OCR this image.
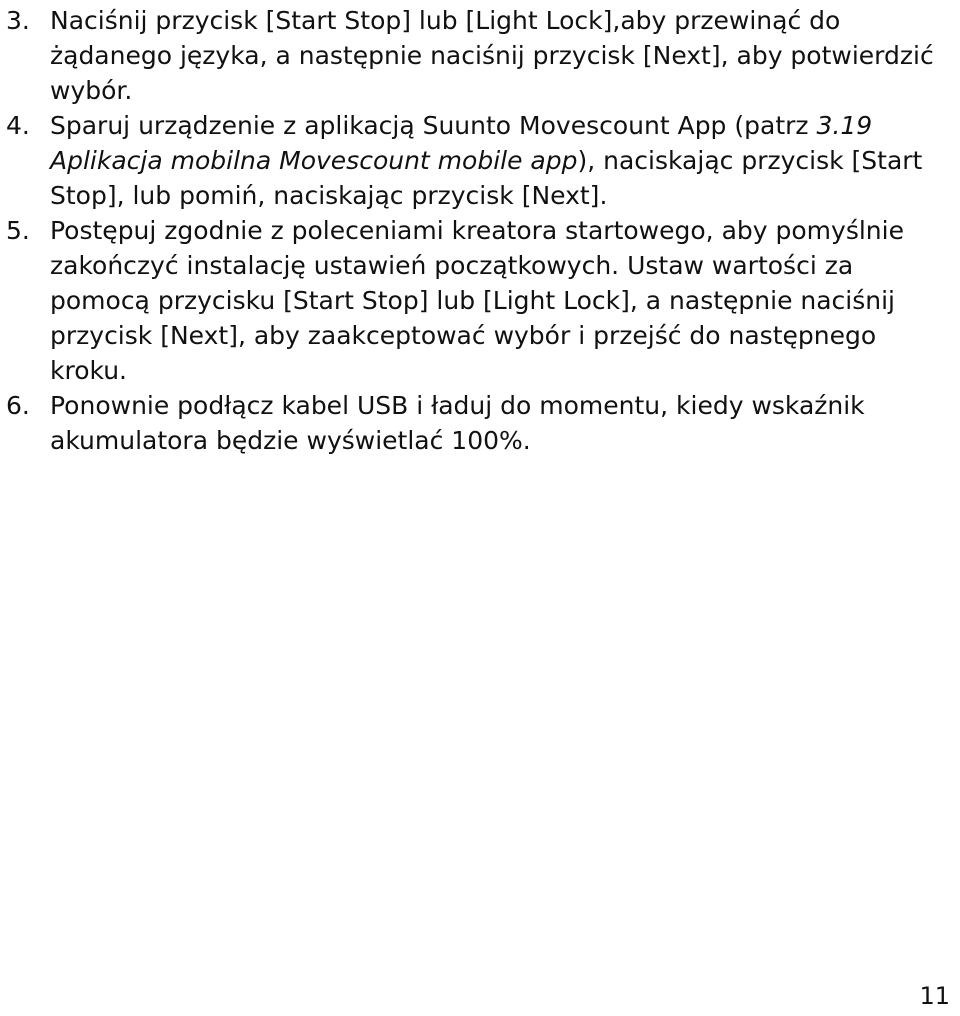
3. Naciśnij przycisk [Start Stop] lub [Light Lock],aby przewinąć do żądanego języka, a następnie naciśnij przycisk [Next], aby potwierdzić wybór.
4. Sparuj urządzenie z aplikacją Suunto Movescount App (patrz 3.19 Aplikacja mobilna Movescount mobile app), naciskając przycisk [Start Stop], lub pomiń, naciskając przycisk [Next].
5. Postępuj zgodnie z poleceniami kreatora startowego, aby pomyślnie zakończyć instalację ustawień początkowych. Ustaw wartości za pomocą przycisku [Start Stop] lub [Light Lock], a następnie naciśnij przycisk [Next], aby zaakceptować wybór i przejść do następnego kroku.
6. Ponownie podłącz kabel USB i ładuj do momentu, kiedy wskaźnik akumulatora będzie wyświetlać 100%.
11
